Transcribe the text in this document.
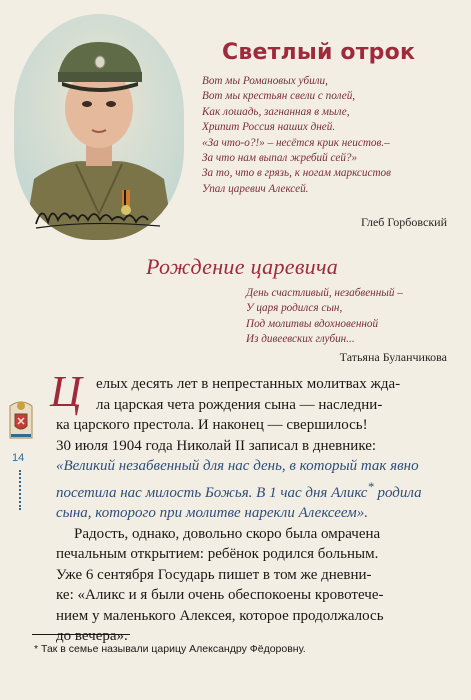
Светлый отрок
Вот мы Романовых убили,
Вот мы крестьян свели с полей,
Как лошадь, загнанная в мыле,
Хрипит Россия наших дней.
«За что-о?!» – несётся крик неистов.–
За что нам выпал жребий сей?»
За то, что в грязь, к ногам марксистов
Упал царевич Алексей.
Глеб Горбовский
Рождение царевича
День счастливый, незабвенный –
У царя родился сын,
Под молитвы вдохновенной
Из дивеевских глубин...
Татьяна Буланчикова
14
Ц елых десять лет в непрестанных молитвах жда-
ла царская чета рождения сына — наследни-
ка царского престола. И наконец — свершилось!
30 июля 1904 года Николай II записал в дневнике:
«Великий незабвенный для нас день, в который так явно
посетила нас милость Божья. В 1 час дня Аликс* родила
сына, которого при молитве нарекли Алексеем».
Радость, однако, довольно скоро была омрачена
печальным открытием: ребёнок родился больным.
Уже 6 сентября Государь пишет в том же дневни-
ке: «Аликс и я были очень обеспокоены кровотече-
нием у маленького Алексея, которое продолжалось
до вечера».
* Так в семье называли царицу Александру Фёдоровну.
